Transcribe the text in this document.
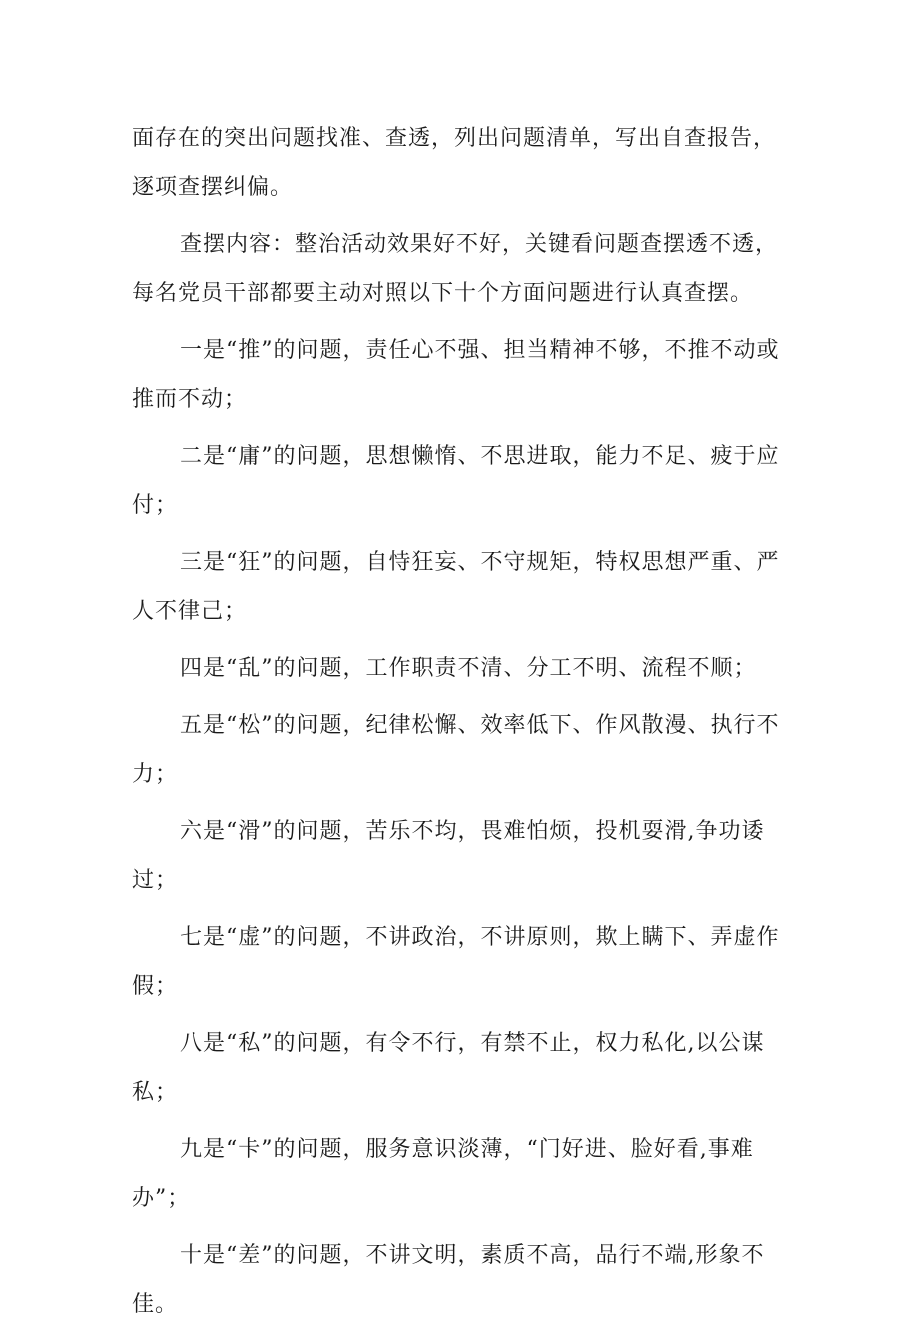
面存在的突出问题找准、查透，列出问题清单，写出自查报告，逐项查摆纠偏。

查摆内容：整治活动效果好不好，关键看问题查摆透不透，每名党员干部都要主动对照以下十个方面问题进行认真查摆。

一是“推”的问题，责任心不强、担当精神不够，不推不动或推而不动；

二是“庸”的问题，思想懒惰、不思进取，能力不足、疲于应付；

三是“狂”的问题，自恃狂妄、不守规矩，特权思想严重、严人不律己；

四是“乱”的问题，工作职责不清、分工不明、流程不顺；

五是“松”的问题，纪律松懈、效率低下、作风散漫、执行不力；

六是“滑”的问题，苦乐不均，畏难怕烦，投机耍滑,争功诿过；

七是“虚”的问题，不讲政治，不讲原则，欺上瞒下、弄虚作假；

八是“私”的问题，有令不行，有禁不止，权力私化,以公谋私；

九是“卡”的问题，服务意识淡薄，“门好进、脸好看,事难办”；

十是“差”的问题，不讲文明，素质不高，品行不端,形象不佳。
